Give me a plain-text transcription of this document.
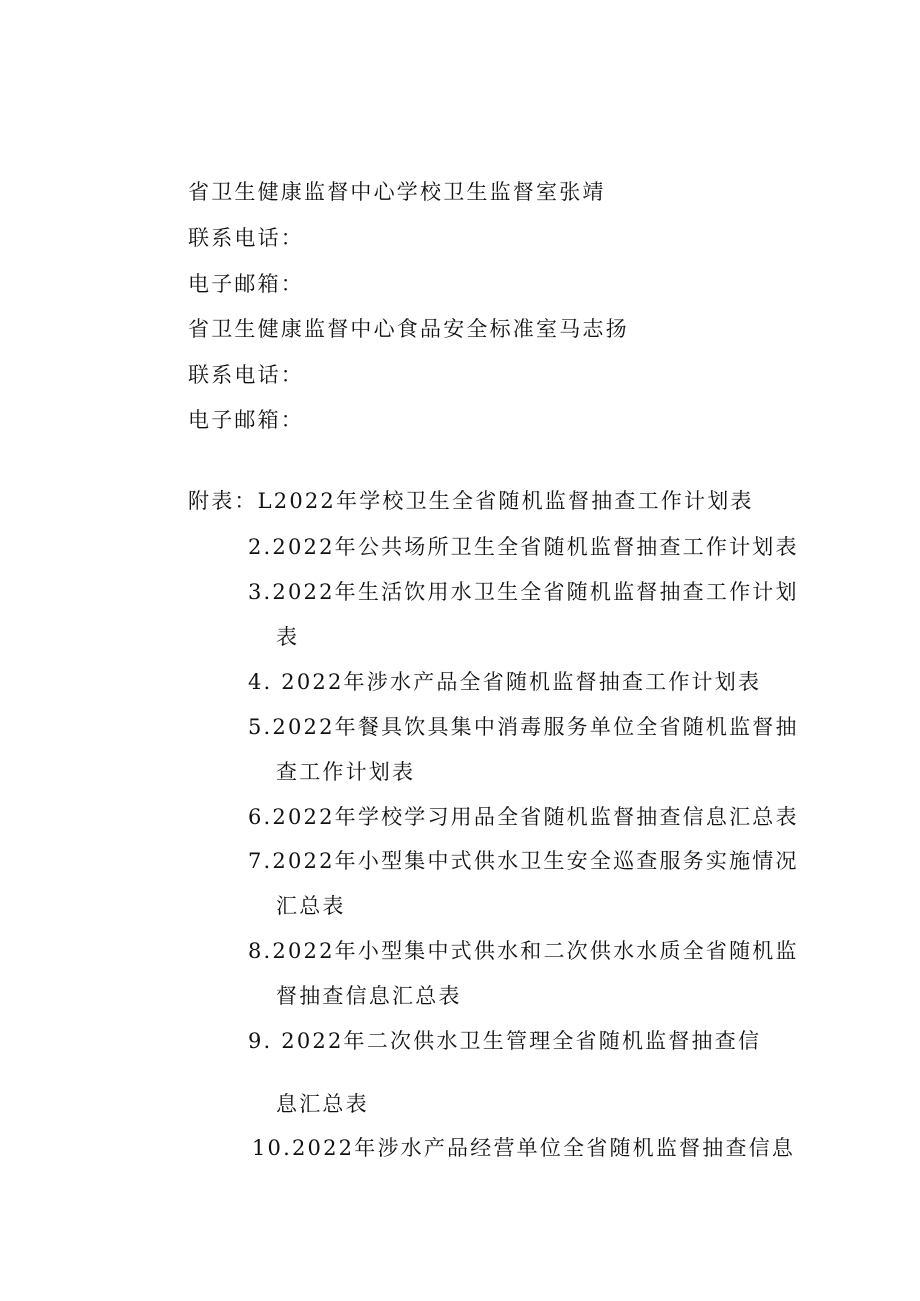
省卫生健康监督中心学校卫生监督室张靖
联系电话：
电子邮箱：
省卫生健康监督中心食品安全标准室马志扬
联系电话：
电子邮箱：
附表：L2022年学校卫生全省随机监督抽查工作计划表
2.2022年公共场所卫生全省随机监督抽查工作计划表
3.2022年生活饮用水卫生全省随机监督抽查工作计划
表
4. 2022年涉水产品全省随机监督抽查工作计划表
5.2022年餐具饮具集中消毒服务单位全省随机监督抽
查工作计划表
6.2022年学校学习用品全省随机监督抽查信息汇总表
7.2022年小型集中式供水卫生安全巡查服务实施情况
汇总表
8.2022年小型集中式供水和二次供水水质全省随机监
督抽查信息汇总表
9. 2022年二次供水卫生管理全省随机监督抽查信
息汇总表
10.2022年涉水产品经营单位全省随机监督抽查信息
